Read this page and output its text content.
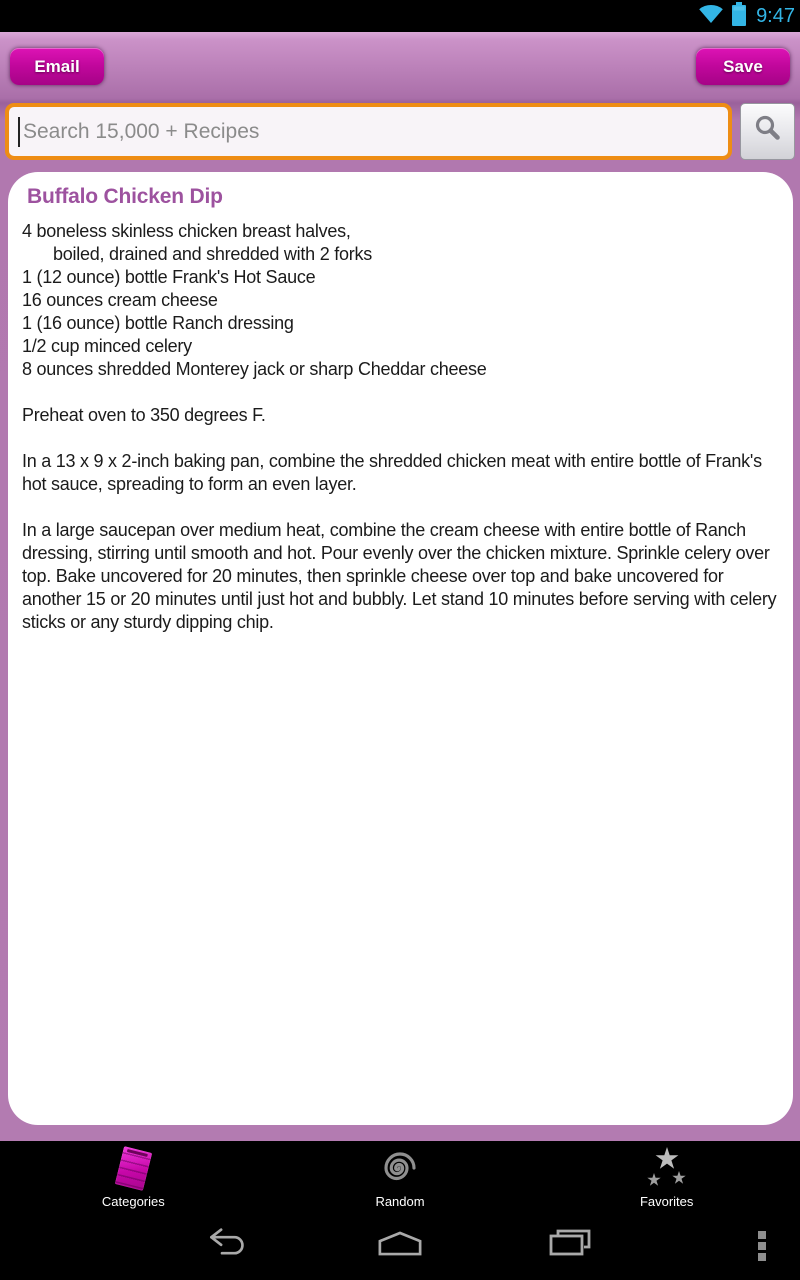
9:47
Email	Save
Search 15,000 + Recipes
Buffalo Chicken Dip
4 boneless skinless chicken breast halves,
boiled, drained and shredded with 2 forks
1 (12 ounce) bottle Frank's Hot Sauce
16 ounces cream cheese
1 (16 ounce) bottle Ranch dressing
1/2 cup minced celery
8 ounces shredded Monterey jack or sharp Cheddar cheese
Preheat oven to 350 degrees F.
In a 13 x 9 x 2-inch baking pan, combine the shredded chicken meat with entire bottle of Frank's hot sauce, spreading to form an even layer.
In a large saucepan over medium heat, combine the cream cheese with entire bottle of Ranch dressing, stirring until smooth and hot. Pour evenly over the chicken mixture. Sprinkle celery over top. Bake uncovered for 20 minutes, then sprinkle cheese over top and bake uncovered for another 15 or 20 minutes until just hot and bubbly. Let stand 10 minutes before serving with celery sticks or any sturdy dipping chip.
Categories	Random	Favorites
